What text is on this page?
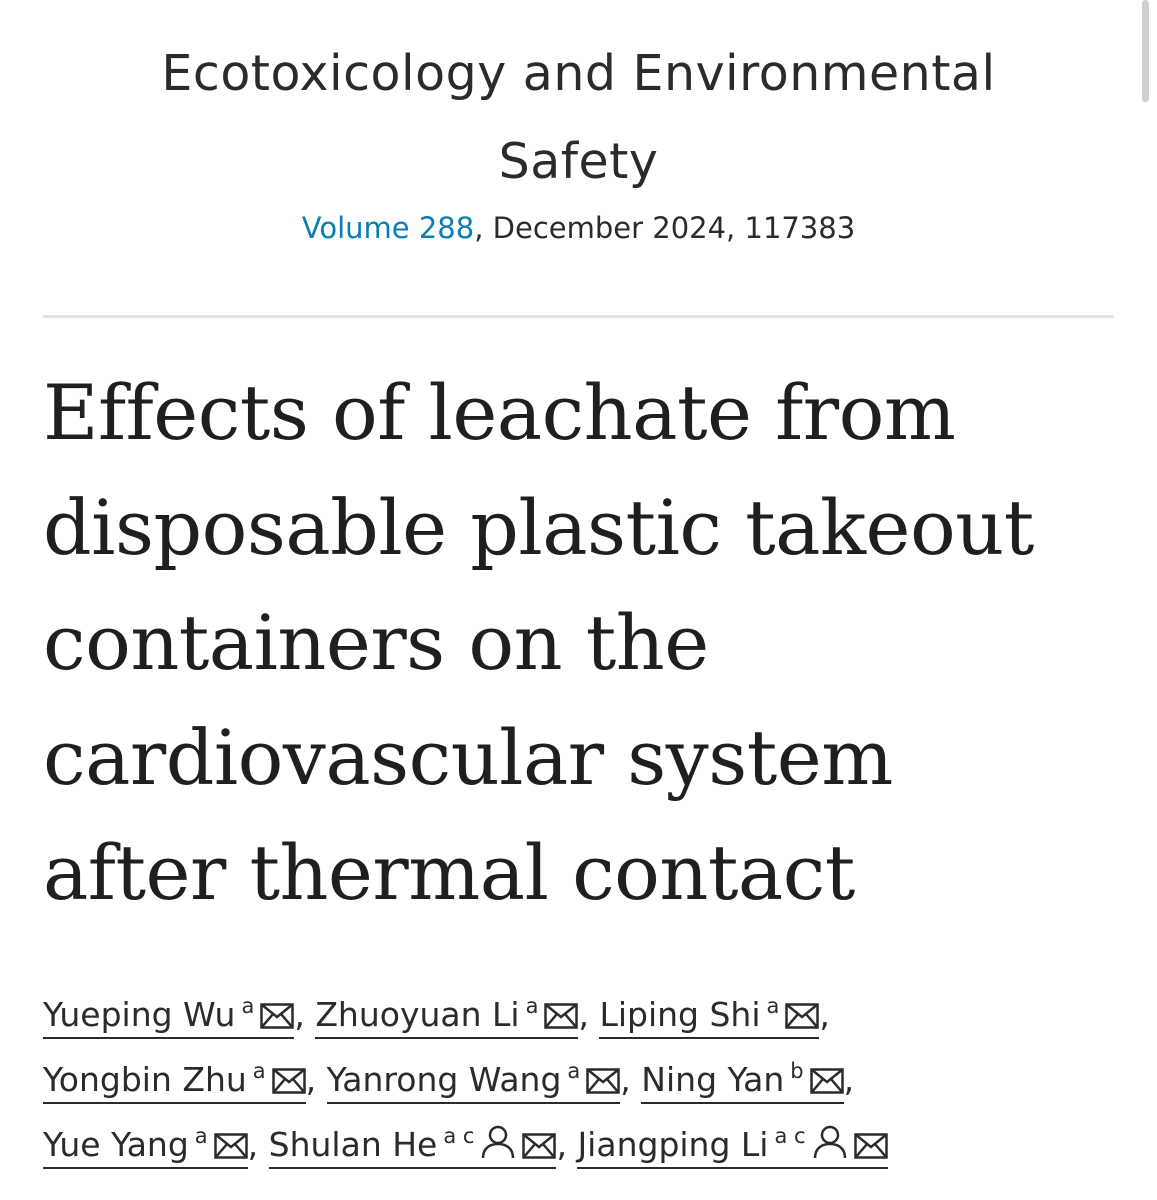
Ecotoxicology and Environmental
Safety
Volume 288, December 2024, 117383
Effects of leachate from
disposable plastic takeout
containers on the
cardiovascular system
after thermal contact
Yueping Wu $^a$ , Zhuoyuan Li $^a$ , Liping Shi $^a$ ,
Yongbin Zhu $^a$ , Yanrong Wang $^a$ , Ning Yan $^b$ ,
Yue Yang $^a$ , Shulan He $^{a c}$ , Jiangping Li $^{a c}$
